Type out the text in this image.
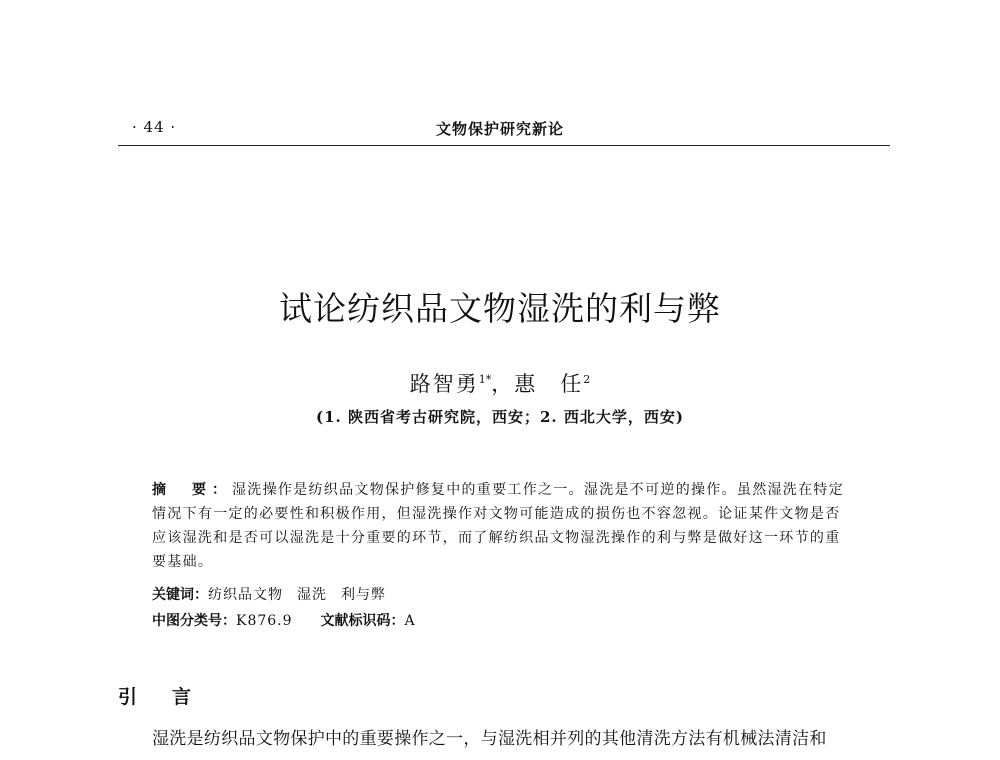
· 44 ·	文物保护研究新论
试论纺织品文物湿洗的利与弊
路智勇$^{1*}$，惠　任$^2$
(1. 陕西省考古研究院，西安；2. 西北大学，西安)

摘　要：湿洗操作是纺织品文物保护修复中的重要工作之一。湿洗是不可逆的操作。虽然湿洗在特定情况下有一定的必要性和积极作用，但湿洗操作对文物可能造成的损伤也不容忽视。论证某件文物是否应该湿洗和是否可以湿洗是十分重要的环节，而了解纺织品文物湿洗操作的利与弊是做好这一环节的重要基础。

关键词：纺织品文物 湿洗 利与弊
中图分类号：K876.9 文献标识码：A
引　言

湿洗是纺织品文物保护中的重要操作之一，与湿洗相并列的其他清洗方法有机械法清洁和
